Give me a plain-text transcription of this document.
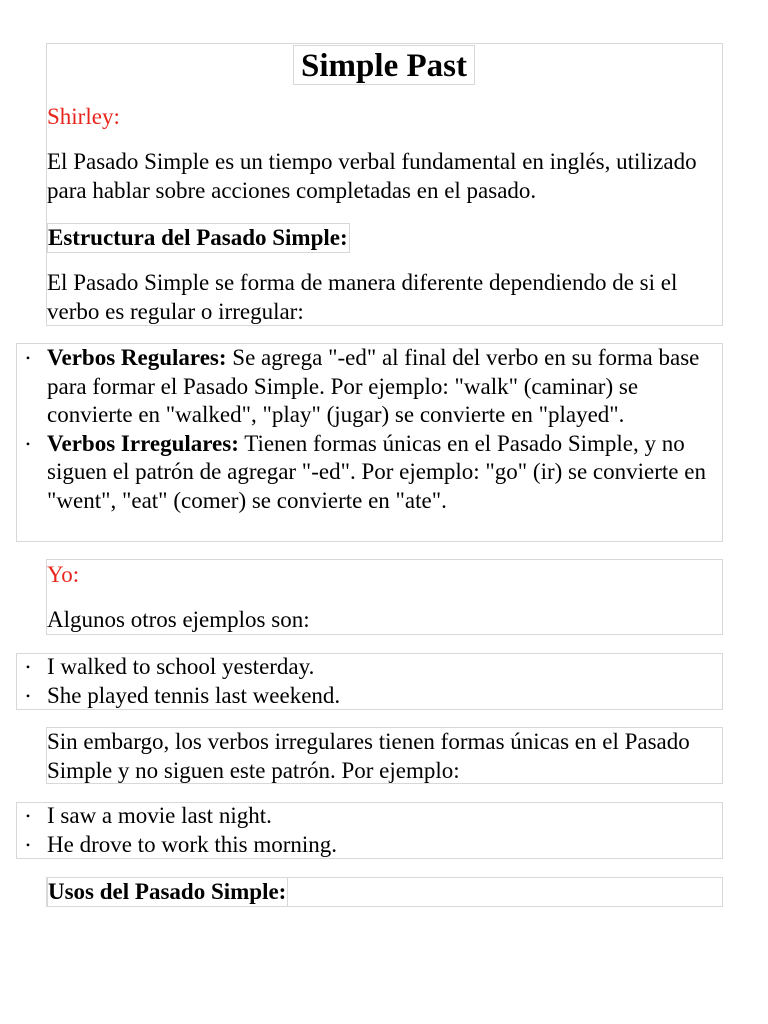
Simple Past
Shirley:

El Pasado Simple es un tiempo verbal fundamental en inglés, utilizado para hablar sobre acciones completadas en el pasado.

Estructura del Pasado Simple:

El Pasado Simple se forma de manera diferente dependiendo de si el verbo es regular o irregular:

• Verbos Regulares: Se agrega "-ed" al final del verbo en su forma base para formar el Pasado Simple. Por ejemplo: "walk" (caminar) se convierte en "walked", "play" (jugar) se convierte en "played".
• Verbos Irregulares: Tienen formas únicas en el Pasado Simple, y no siguen el patrón de agregar "-ed". Por ejemplo: "go" (ir) se convierte en "went", "eat" (comer) se convierte en "ate".
Yo:

Algunos otros ejemplos son:

• I walked to school yesterday.
• She played tennis last weekend.

Sin embargo, los verbos irregulares tienen formas únicas en el Pasado Simple y no siguen este patrón. Por ejemplo:

• I saw a movie last night.
• He drove to work this morning.
Usos del Pasado Simple:
